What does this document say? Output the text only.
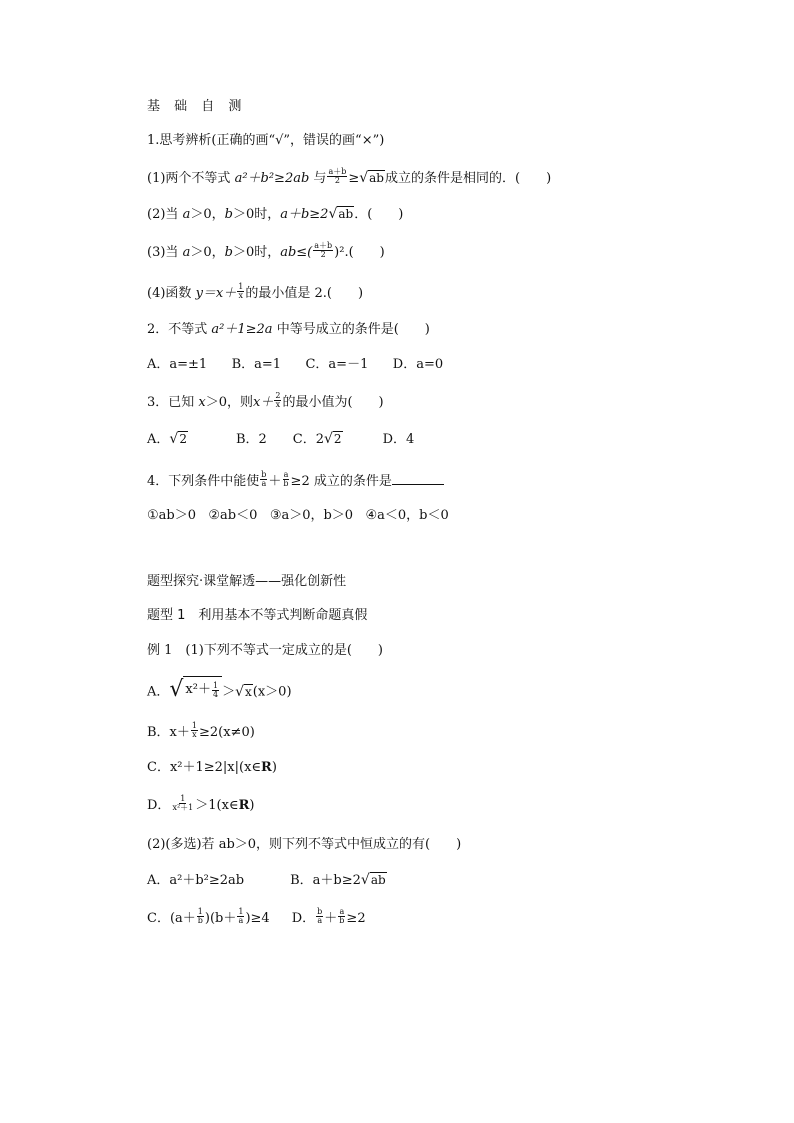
基 础 自 测
1.思考辨析(正确的画“√”，错误的画“×”)
(1)两个不等式 a²＋b²≥2ab 与 $\frac{a+b}{2} \ge√ab$成立的条件是相同的．(　　)
(2)当 a＞0，b＞0时，a＋b≥2√ab．(　　)
(3)当 a＞0，b＞0时，$ab\le( \frac{a+b}{2} )^2$.(　　)
(4)函数 $y=x+ \frac{1}{x}$ 的最小值是 2.(　　)
2．不等式 a²＋1≥2a 中等号成立的条件是(　　)
A．a=±1 B．a=1 C．a=－1 D．a=0
3．已知 x＞0，则$x+ \frac{2}{x}$ 的最小值为(　　)
A．√2	B．2 C．2√2	D．4
4．下列条件中能使 $\frac{b}{a} + \frac{a}{b} \ge 2$ 成立的条件是
①ab＞0 ②ab＜0 ③a＞0，b＞0 ④a＜0，b＜0
题型探究·课堂解透——强化创新性
题型 1　利用基本不等式判断命题真假
例 1　(1)下列不等式一定成立的是(　　)
A． √ x²＋ 1
4 ＞√x(x＞0)
B．$x+ \frac{1}{x} \ge 2(x\ne 0)$
C．x²＋1≥2|x|(x∈R)
D． $\frac{1}{\text{x²＋1}}$ ＞1(x∈R)
(2)(多选)若 ab＞0，则下列不等式中恒成立的有(　　)
A．a²＋b²≥2ab	B．a＋b≥2√ab
C．$(a+ \frac{1}{b} )(b+ \frac{1}{a} )\ge 4$ D． $\frac{b}{a} + \frac{a}{b} \ge 2$
